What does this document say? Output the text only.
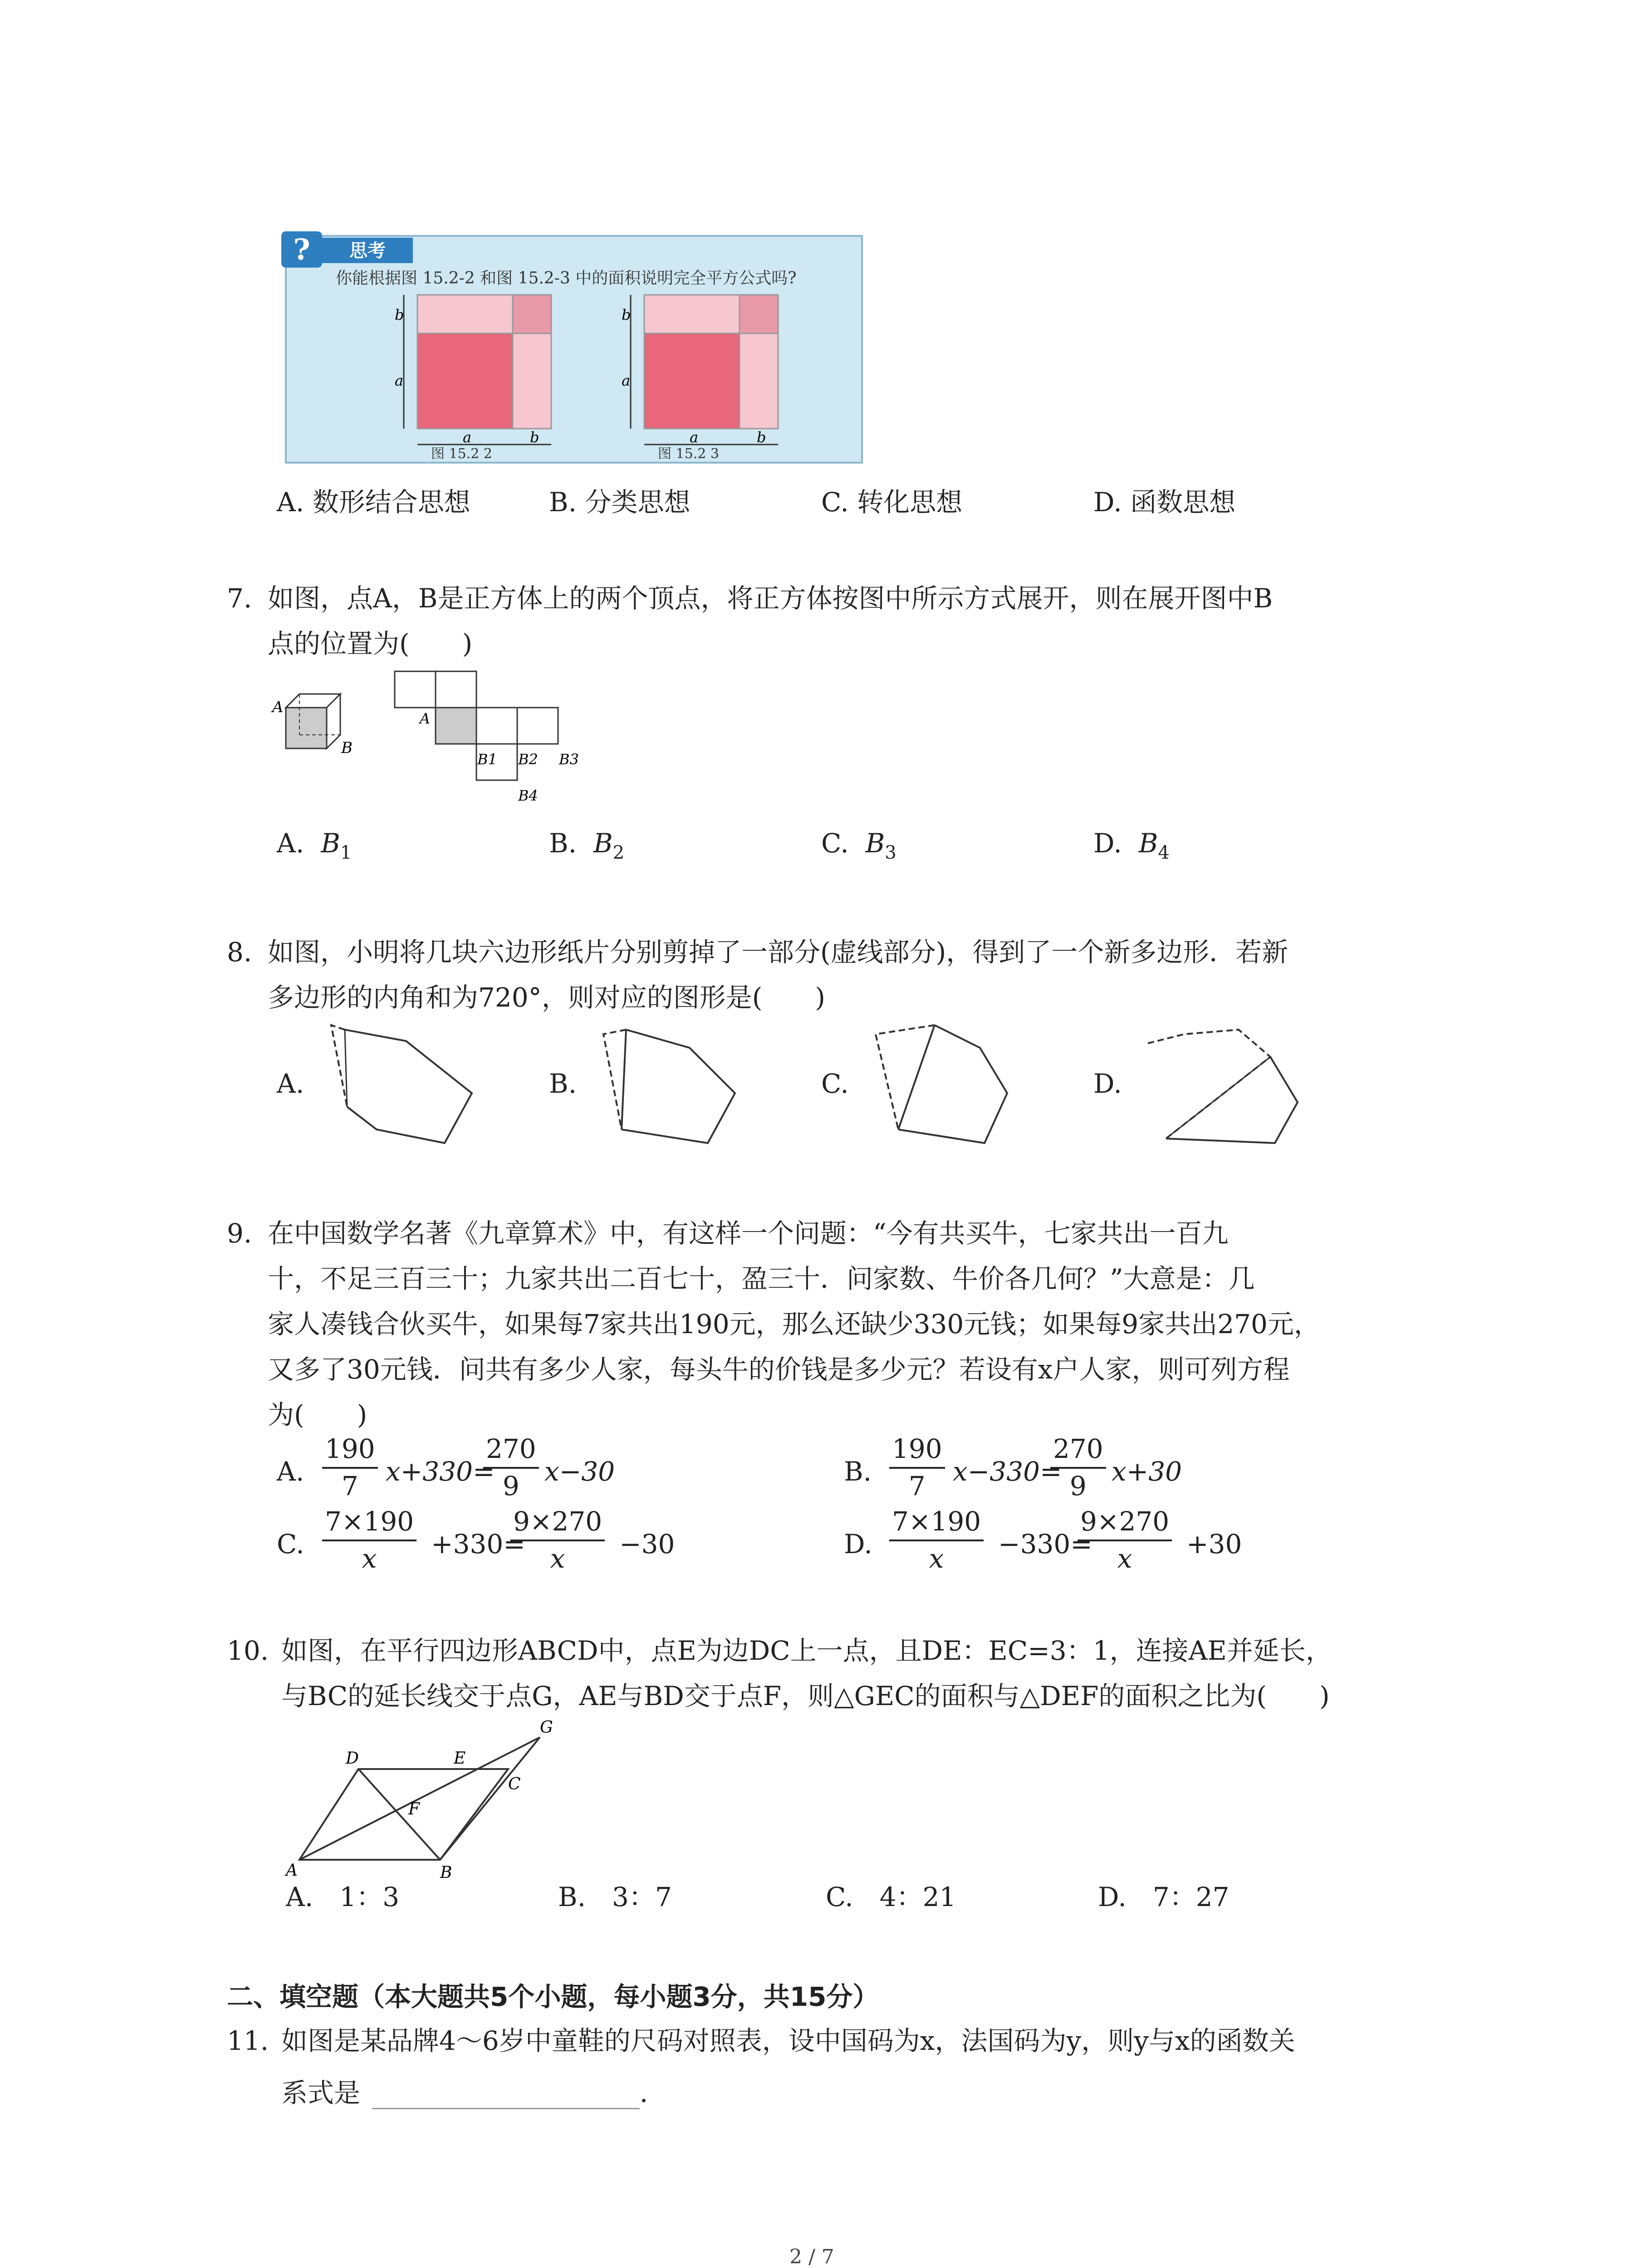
? 思考
你能根据图 15.2-2 和图 15.2-3 中的面积说明完全平方公式吗?
b
a
a	b
图 15.2 2
b
a
a	b
图 15.2 3
A. 数形结合思想	B. 分类思想	C. 转化思想	D. 函数思想
7. 如图，点A，B是正方体上的两个顶点，将正方体按图中所示方式展开，则在展开图中B
点的位置为(　　)
A
B
A
B1 B2 B3
B4
A. $B_1$	B. $B_2$	C. $B_3$	D. $B_4$
8. 如图，小明将几块六边形纸片分别剪掉了一部分(虚线部分)，得到了一个新多边形．若新
多边形的内角和为720°，则对应的图形是(　　)
A.	B.	C.	D.
9. 在中国数学名著《九章算术》中，有这样一个问题：“今有共买牛，七家共出一百九
十，不足三百三十；九家共出二百七十，盈三十．问家数、牛价各几何？”大意是：几
家人凑钱合伙买牛，如果每7家共出190元，那么还缺少330元钱；如果每9家共出270元，
又多了30元钱．问共有多少人家，每头牛的价钱是多少元？若设有x户人家，则可列方程
为(　　)
A. $\frac{190}{7} x+330=$
$\frac{270}{9} x-30$	B. $\frac{190}{7} x-330=$
$\frac{270}{9} x+30$
C. $\frac{7\times 190}{x} +330=$
$\frac{9\times 270}{x} -30$	D. $\frac{7\times 190}{x} -330=$
$\frac{9\times 270}{x} +30$
10. 如图，在平行四边形ABCD中，点E为边DC上一点，且DE：EC=3：1，连接AE并延长，
与BC的延长线交于点G，AE与BD交于点F，则△GEC的面积与△DEF的面积之比为(　　)
A	B
C
D	E
F
G
A.　1：3	B.　3：7	C.　4：21	D.　7：27
二、填空题（本大题共5个小题，每小题3分，共15分）
11. 如图是某品牌4～6岁中童鞋的尺码对照表，设中国码为x，法国码为y，则y与x的函数关
系式是	．
2 / 7
